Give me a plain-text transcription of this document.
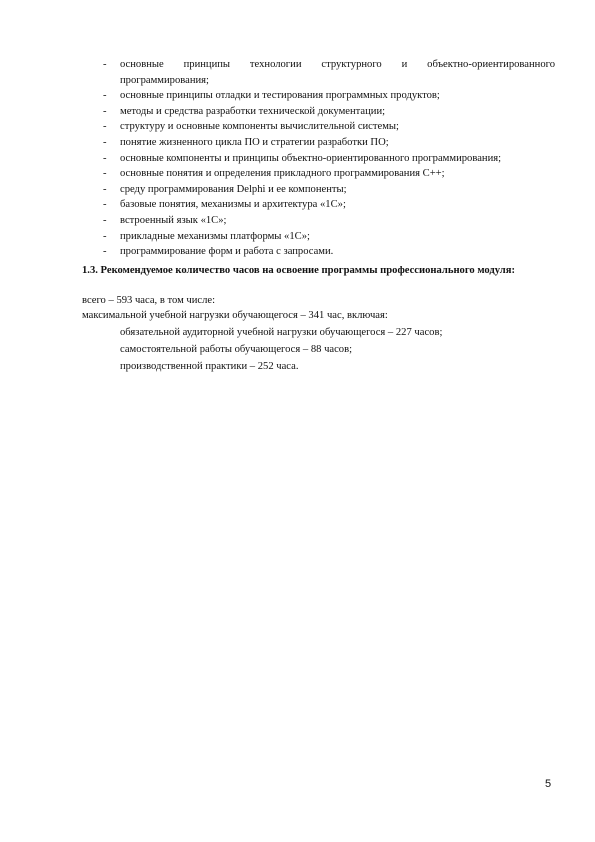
- основные принципы технологии структурного и объектно-ориентированного программирования;
- основные принципы отладки и тестирования программных продуктов;
- методы и средства разработки технической документации;
- структуру и основные компоненты вычислительной системы;
- понятие жизненного цикла ПО и стратегии разработки ПО;
- основные компоненты и принципы объектно-ориентированного программирования;
- основные понятия и определения прикладного программирования С++;
- среду программирования Delphi и ее компоненты;
- базовые понятия, механизмы и архитектура «1С»;
- встроенный язык «1С»;
- прикладные механизмы платформы «1С»;
- программирование форм и работа с запросами.
1.3. Рекомендуемое количество часов на освоение программы профессионального модуля:
всего – 593 часа, в том числе:
максимальной учебной нагрузки обучающегося – 341 час, включая:
обязательной аудиторной учебной нагрузки обучающегося – 227 часов;
самостоятельной работы обучающегося – 88 часов;
производственной практики – 252 часа.
5
